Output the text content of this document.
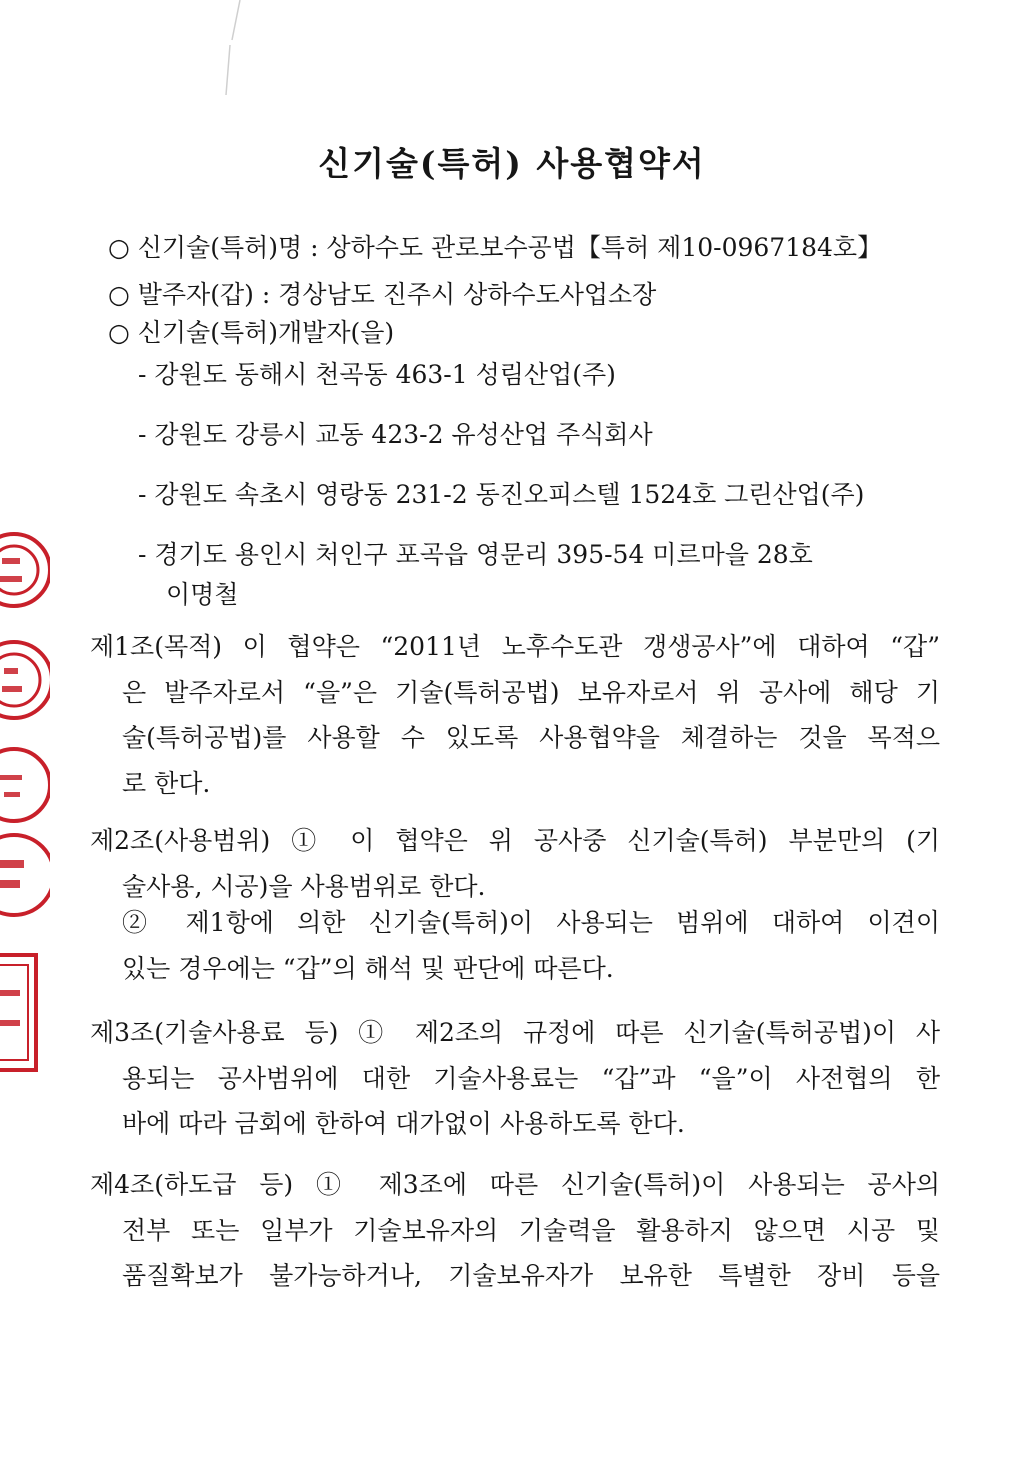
신기술(특허) 사용협약서
○ 신기술(특허)명 : 상하수도 관로보수공법【특허 제10-0967184호】
○ 발주자(갑) : 경상남도 진주시 상하수도사업소장
○ 신기술(특허)개발자(을)
- 강원도 동해시 천곡동 463-1 성림산업(주)
- 강원도 강릉시 교동 423-2 유성산업 주식회사
- 강원도 속초시 영랑동 231-2 동진오피스텔 1524호 그린산업(주)
- 경기도 용인시 처인구 포곡읍 영문리 395-54 미르마을 28호
이명철
제1조(목적) 이 협약은 “2011년 노후수도관 갱생공사”에 대하여 “갑”
은 발주자로서 “을”은 기술(특허공법) 보유자로서 위 공사에 해당 기
술(특허공법)를 사용할 수 있도록 사용협약을 체결하는 것을 목적으
로 한다.
제2조(사용범위) ① 이 협약은 위 공사중 신기술(특허) 부분만의 (기
술사용, 시공)을 사용범위로 한다.
② 제1항에 의한 신기술(특허)이 사용되는 범위에 대하여 이견이
있는 경우에는 “갑”의 해석 및 판단에 따른다.
제3조(기술사용료 등) ① 제2조의 규정에 따른 신기술(특허공법)이 사
용되는 공사범위에 대한 기술사용료는 “갑”과 “을”이 사전협의 한
바에 따라 금회에 한하여 대가없이 사용하도록 한다.
제4조(하도급 등) ① 제3조에 따른 신기술(특허)이 사용되는 공사의
전부 또는 일부가 기술보유자의 기술력을 활용하지 않으면 시공 및
품질확보가 불가능하거나, 기술보유자가 보유한 특별한 장비 등을
